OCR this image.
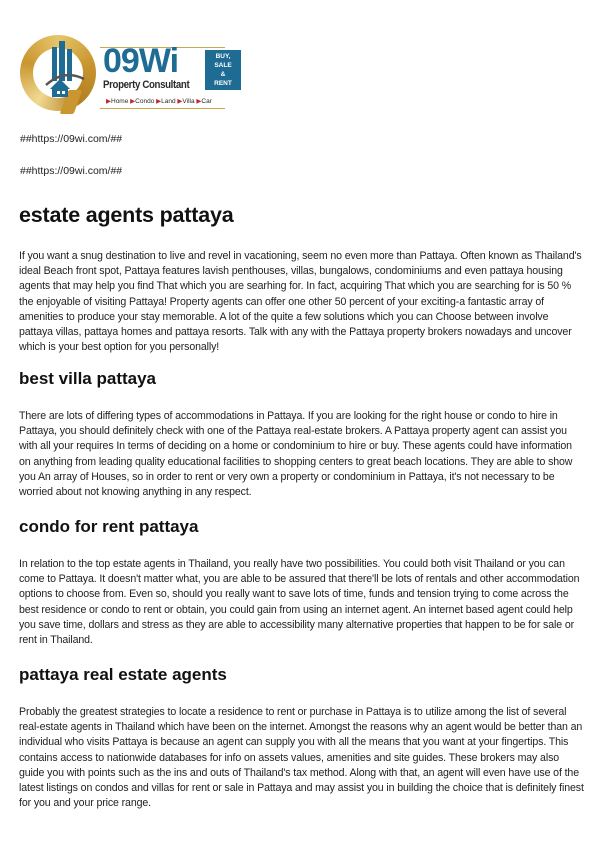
09Wi
Property Consultant
BUY,
SALE
&
RENT
▶Home ▶Condo ▶Land ▶Villa ▶Car
##https://09wi.com/##
##https://09wi.com/##
estate agents pattaya

If you want a snug destination to live and revel in vacationing, seem no even more than Pattaya. Often known as Thailand's ideal Beach front spot, Pattaya features lavish penthouses, villas, bungalows, condominiums and even pattaya housing agents that may help you find That which you are searhing for. In fact, acquiring That which you are searching for is 50 % the enjoyable of visiting Pattaya! Property agents can offer one other 50 percent of your exciting-a fantastic array of amenities to produce your stay memorable. A lot of the quite a few solutions which you can Choose between involve pattaya villas, pattaya homes and pattaya resorts. Talk with any with the Pattaya property brokers nowadays and uncover which is your best option for you personally!

best villa pattaya

There are lots of differing types of accommodations in Pattaya. If you are looking for the right house or condo to hire in Pattaya, you should definitely check with one of the Pattaya real-estate brokers. A Pattaya property agent can assist you with all your requires In terms of deciding on a home or condominium to hire or buy. These agents could have information on anything from leading quality educational facilities to shopping centers to great beach locations. They are able to show you An array of Houses, so in order to rent or very own a property or condominium in Pattaya, it's not necessary to be worried about not knowing anything in any respect.

condo for rent pattaya

In relation to the top estate agents in Thailand, you really have two possibilities. You could both visit Thailand or you can come to Pattaya. It doesn't matter what, you are able to be assured that there'll be lots of rentals and other accommodation options to choose from. Even so, should you really want to save lots of time, funds and tension trying to come across the best residence or condo to rent or obtain, you could gain from using an internet agent. An internet based agent could help you save time, dollars and stress as they are able to accessibility many alternative properties that happen to be for sale or rent in Thailand.

pattaya real estate agents

Probably the greatest strategies to locate a residence to rent or purchase in Pattaya is to utilize among the list of several real-estate agents in Thailand which have been on the internet. Amongst the reasons why an agent would be better than an individual who visits Pattaya is because an agent can supply you with all the means that you want at your fingertips. This contains access to nationwide databases for info on assets values, amenities and site guides. These brokers may also guide you with points such as the ins and outs of Thailand's tax method. Along with that, an agent will even have use of the latest listings on condos and villas for rent or sale in Pattaya and may assist you in building the choice that is definitely finest for you and your price range.
